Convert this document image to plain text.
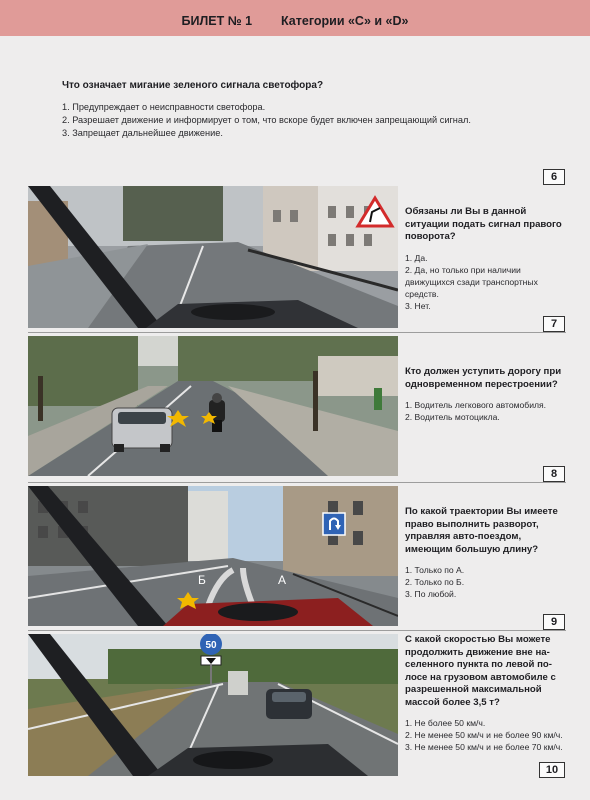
БИЛЕТ № 1 Категории «C» и «D»
Что означает мигание зеленого сигнала светофора?
1. Предупреждает о неисправности светофора.
2. Разрешает движение и информирует о том, что вскоре будет включен запрещающий сигнал.
3. Запрещает дальнейшее движение.
6
Обязаны ли Вы в данной ситуации подать сигнал правого поворота?
1. Да.
2. Да, но только при наличии движущихся сзади транспортных средств.
3. Нет.
7
Кто должен уступить дорогу при одновременном перестроении?
1. Водитель легкового автомобиля.
2. Водитель мотоцикла.
8
Б	А
По какой траектории Вы имеете право выполнить разворот, управляя авто-поездом, имеющим большую длину?
1. Только по А.
2. Только по Б.
3. По любой.
9
50
С какой скоростью Вы можете продолжить движение вне на-селенного пункта по левой по-лосе на грузовом автомобиле с разрешенной максимальной массой более 3,5 т?
1. Не более 50 км/ч.
2. Не менее 50 км/ч и не более 90 км/ч.
3. Не менее 50 км/ч и не более 70 км/ч.
10
